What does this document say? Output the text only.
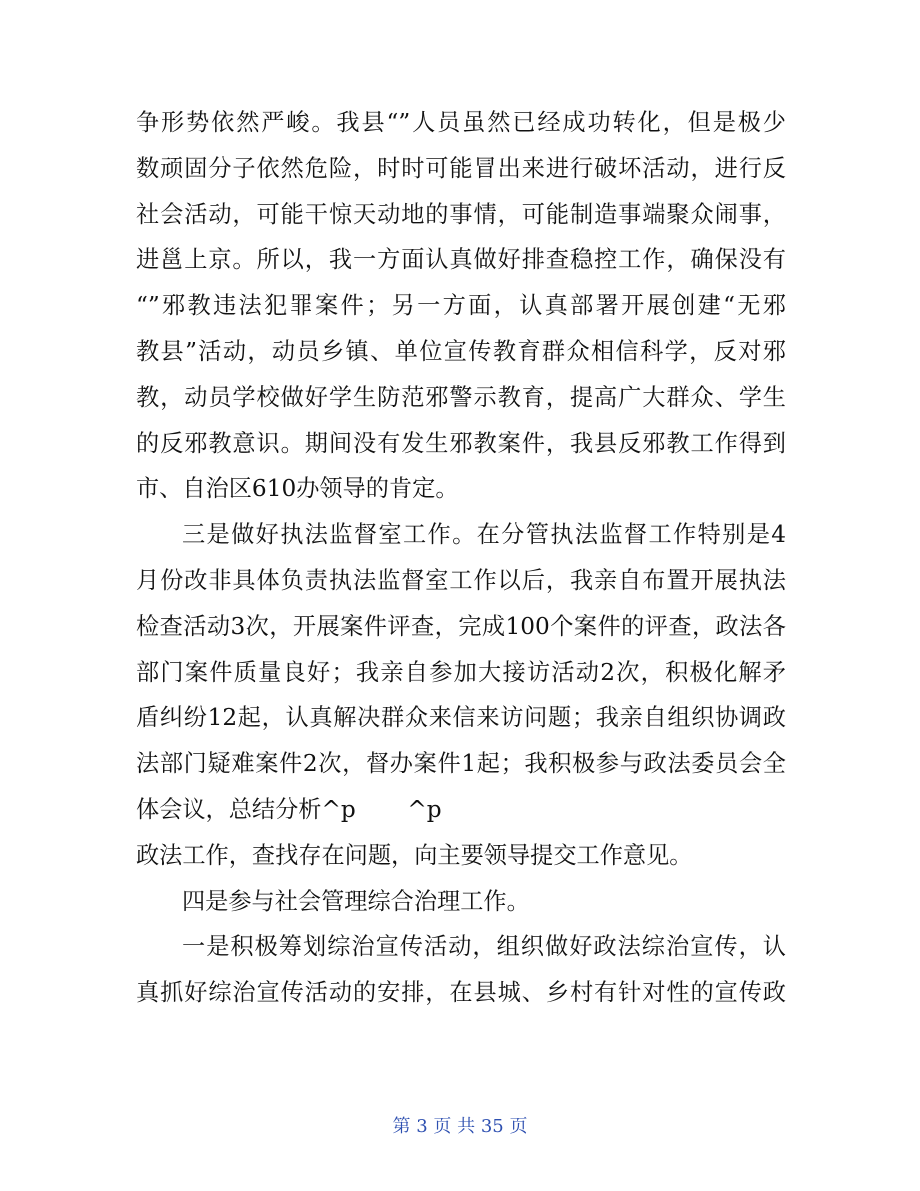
争形势依然严峻。我县“”人员虽然已经成功转化，但是极少
数顽固分子依然危险，时时可能冒出来进行破坏活动，进行反
社会活动，可能干惊天动地的事情，可能制造事端聚众闹事，
进邕上京。所以，我一方面认真做好排查稳控工作，确保没有
“”邪教违法犯罪案件；另一方面，认真部署开展创建“无邪
教县”活动，动员乡镇、单位宣传教育群众相信科学，反对邪
教，动员学校做好学生防范邪警示教育，提高广大群众、学生
的反邪教意识。期间没有发生邪教案件，我县反邪教工作得到
市、自治区610办领导的肯定。
三是做好执法监督室工作。在分管执法监督工作特别是4
月份改非具体负责执法监督室工作以后，我亲自布置开展执法
检查活动3次，开展案件评查，完成100个案件的评查，政法各
部门案件质量良好；我亲自参加大接访活动2次，积极化解矛
盾纠纷12起，认真解决群众来信来访问题；我亲自组织协调政
法部门疑难案件2次，督办案件1起；我积极参与政法委员会全
体会议，总结分析^p       ^p
政法工作，查找存在问题，向主要领导提交工作意见。
四是参与社会管理综合治理工作。
一是积极筹划综治宣传活动，组织做好政法综治宣传，认
真抓好综治宣传活动的安排，在县城、乡村有针对性的宣传政
第 3 页 共 35 页
